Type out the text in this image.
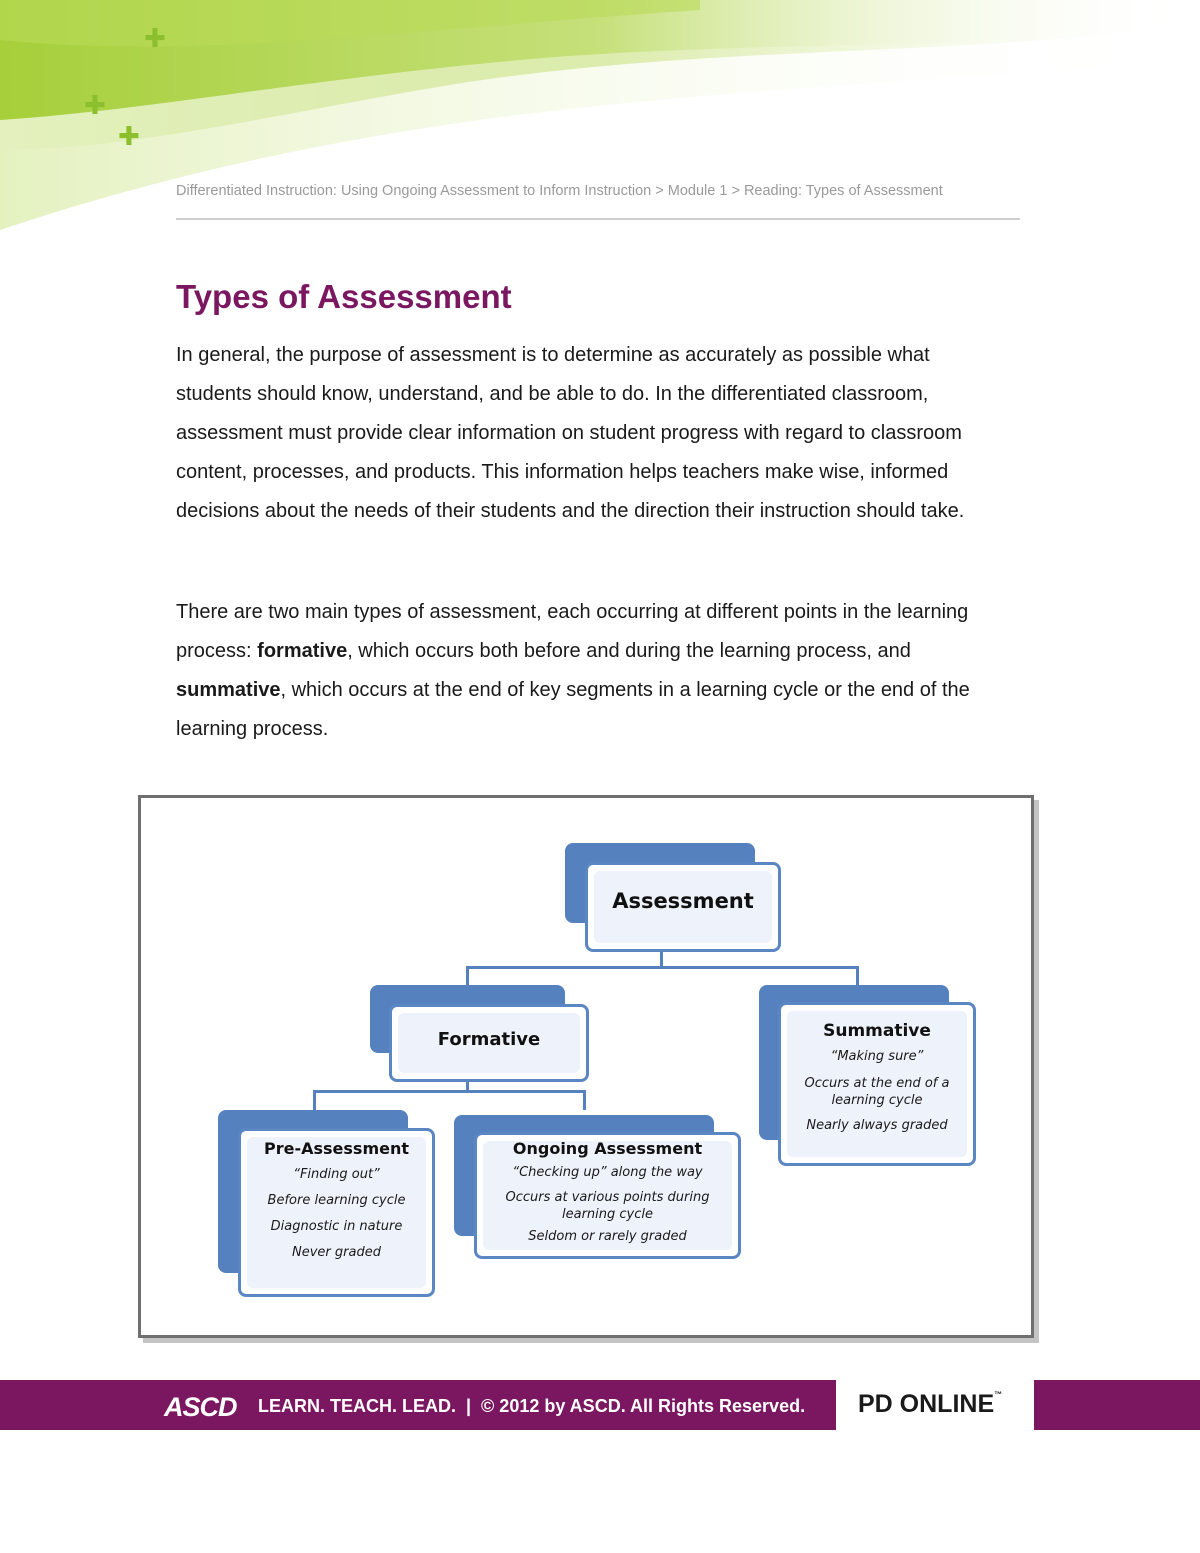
✚
✚
✚
Differentiated Instruction: Using Ongoing Assessment to Inform Instruction > Module 1 > Reading: Types of Assessment
Types of Assessment

In general, the purpose of assessment is to determine as accurately as possible what students should know, understand, and be able to do. In the differentiated classroom, assessment must provide clear information on student progress with regard to classroom content, processes, and products. This information helps teachers make wise, informed decisions about the needs of their students and the direction their instruction should take.

There are two main types of assessment, each occurring at different points in the learning process: formative, which occurs both before and during the learning process, and summative, which occurs at the end of key segments in a learning cycle or the end of the learning process.

Assessment
Formative	Summative
“Making sure”
Occurs at the end of a learning cycle
Nearly always graded
Pre-Assessment
“Finding out”
Before learning cycle
Diagnostic in nature
Never graded
Ongoing Assessment
“Checking up” along the way
Occurs at various points during learning cycle
Seldom or rarely graded
ASCD LEARN. TEACH. LEAD.  |  © 2012 by ASCD. All Rights Reserved. PD ONLINE™
